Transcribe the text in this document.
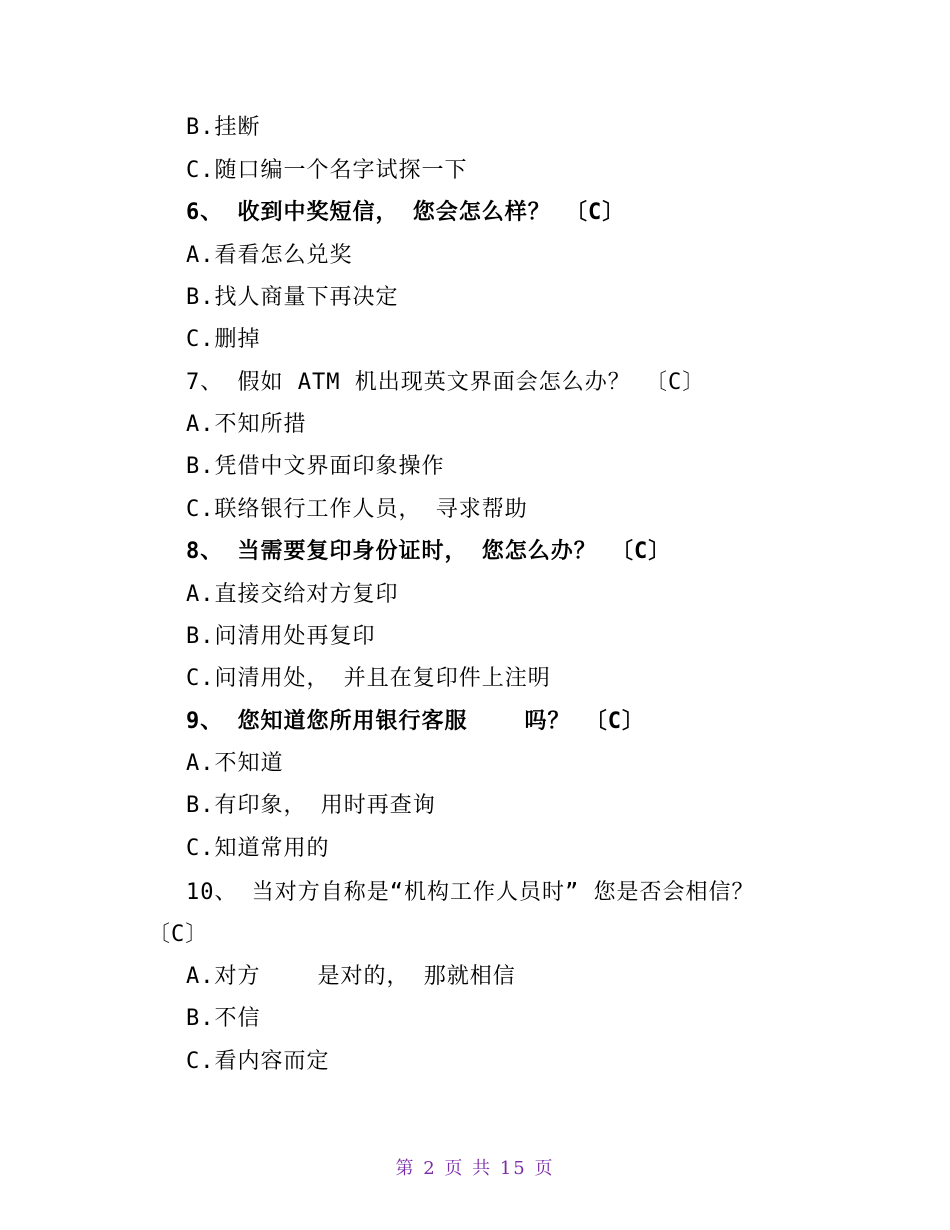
B.挂断
C.随口编一个名字试探一下
6、 收到中奖短信， 您会怎么样？ 〔C〕
A.看看怎么兑奖
B.找人商量下再决定
C.删掉
7、 假如 ATM 机出现英文界面会怎么办？ 〔C〕
A.不知所措
B.凭借中文界面印象操作
C.联络银行工作人员， 寻求帮助
8、 当需要复印身份证时， 您怎么办？ 〔C〕
A.直接交给对方复印
B.问清用处再复印
C.问清用处， 并且在复印件上注明
9、 您知道您所用银行客服    吗？ 〔C〕
A.不知道
B.有印象， 用时再查询
C.知道常用的
10、 当对方自称是“机构工作人员时” 您是否会相信？
〔C〕
A.对方    是对的， 那就相信
B.不信
C.看内容而定
第 2 页 共 15 页
